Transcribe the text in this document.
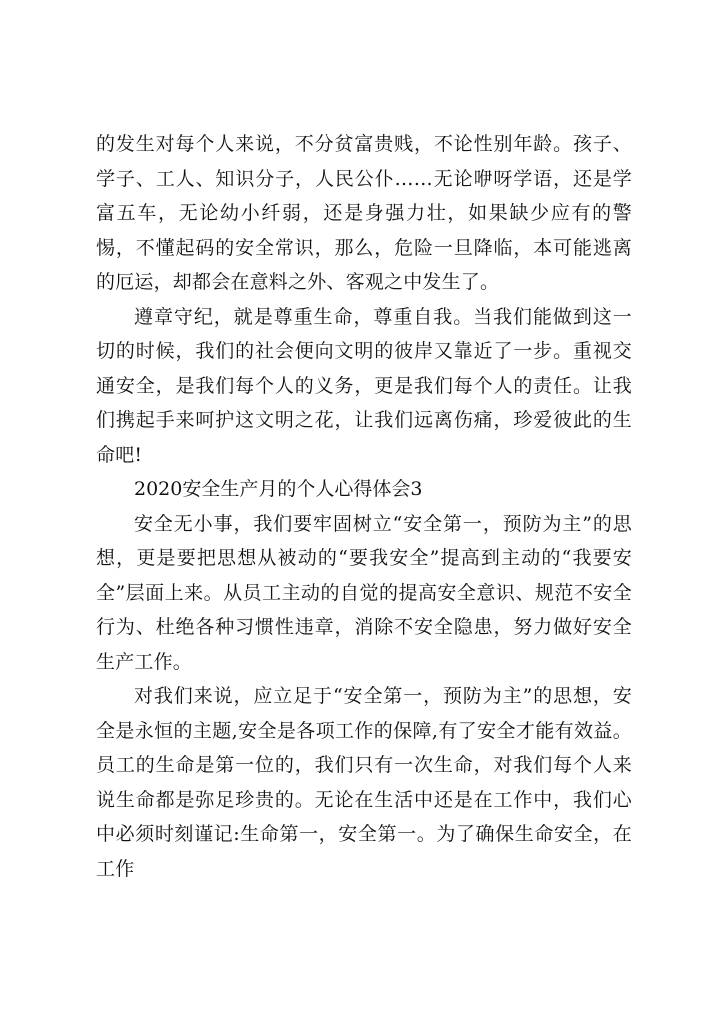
的发生对每个人来说，不分贫富贵贱，不论性别年龄。孩子、学子、工人、知识分子，人民公仆……无论咿呀学语，还是学富五车，无论幼小纤弱，还是身强力壮，如果缺少应有的警惕，不懂起码的安全常识，那么，危险一旦降临，本可能逃离的厄运，却都会在意料之外、客观之中发生了。

遵章守纪，就是尊重生命，尊重自我。当我们能做到这一切的时候，我们的社会便向文明的彼岸又靠近了一步。重视交通安全，是我们每个人的义务，更是我们每个人的责任。让我们携起手来呵护这文明之花，让我们远离伤痛，珍爱彼此的生命吧!

2020安全生产月的个人心得体会3

安全无小事，我们要牢固树立“安全第一，预防为主”的思想，更是要把思想从被动的“要我安全”提高到主动的“我要安全”层面上来。从员工主动的自觉的提高安全意识、规范不安全行为、杜绝各种习惯性违章，消除不安全隐患，努力做好安全生产工作。

对我们来说，应立足于“安全第一，预防为主”的思想，安全是永恒的主题,安全是各项工作的保障,有了安全才能有效益。员工的生命是第一位的，我们只有一次生命，对我们每个人来说生命都是弥足珍贵的。无论在生活中还是在工作中，我们心中必须时刻谨记:生命第一，安全第一。为了确保生命安全，在工作
